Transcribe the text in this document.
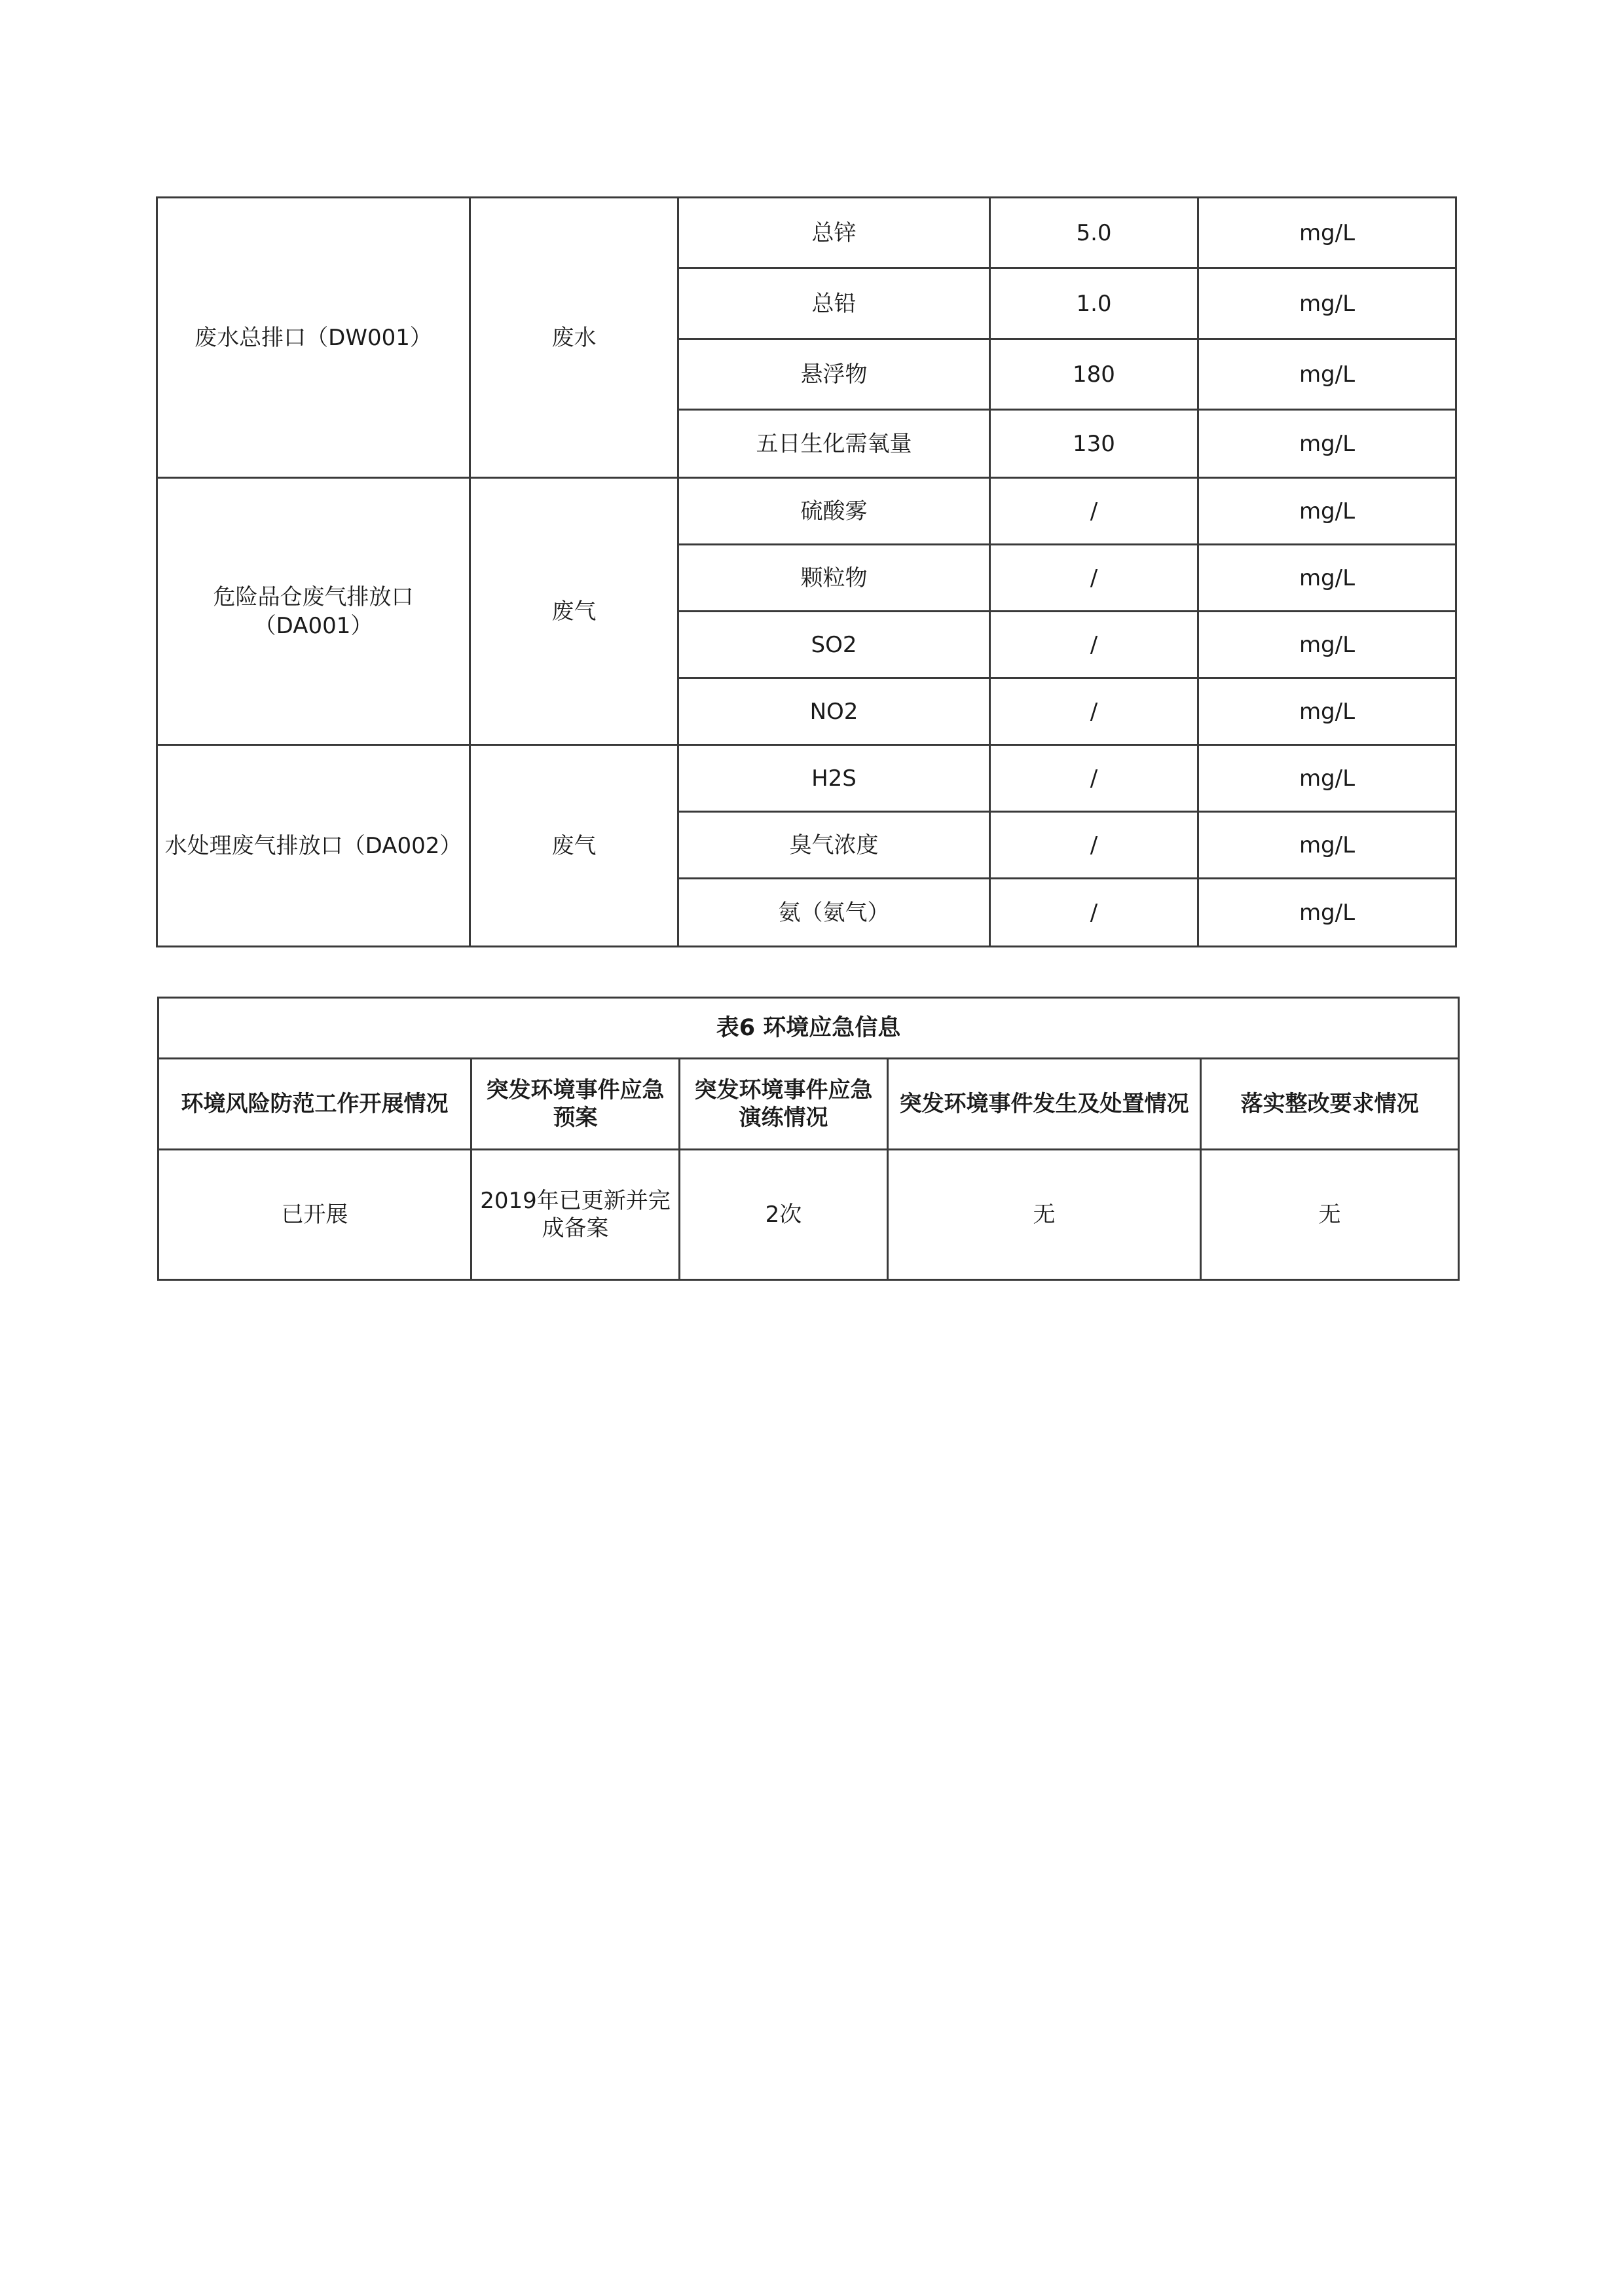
废水总排口（DW001）	废水	总锌	5.0	mg/L
		总铅	1.0	mg/L
		悬浮物	180	mg/L
		五日生化需氧量	130	mg/L
危险品仓废气排放口（DA001）	废气	硫酸雾	/	mg/L
		颗粒物	/	mg/L
		SO2	/	mg/L
		NO2	/	mg/L
水处理废气排放口（DA002）	废气	H2S	/	mg/L
		臭气浓度	/	mg/L
		氨（氨气）	/	mg/L
表6 环境应急信息				
环境风险防范工作开展情况	突发环境事件应急预案	突发环境事件应急演练情况	突发环境事件发生及处置情况	落实整改要求情况
已开展	2019年已更新并完成备案	2次	无	无
